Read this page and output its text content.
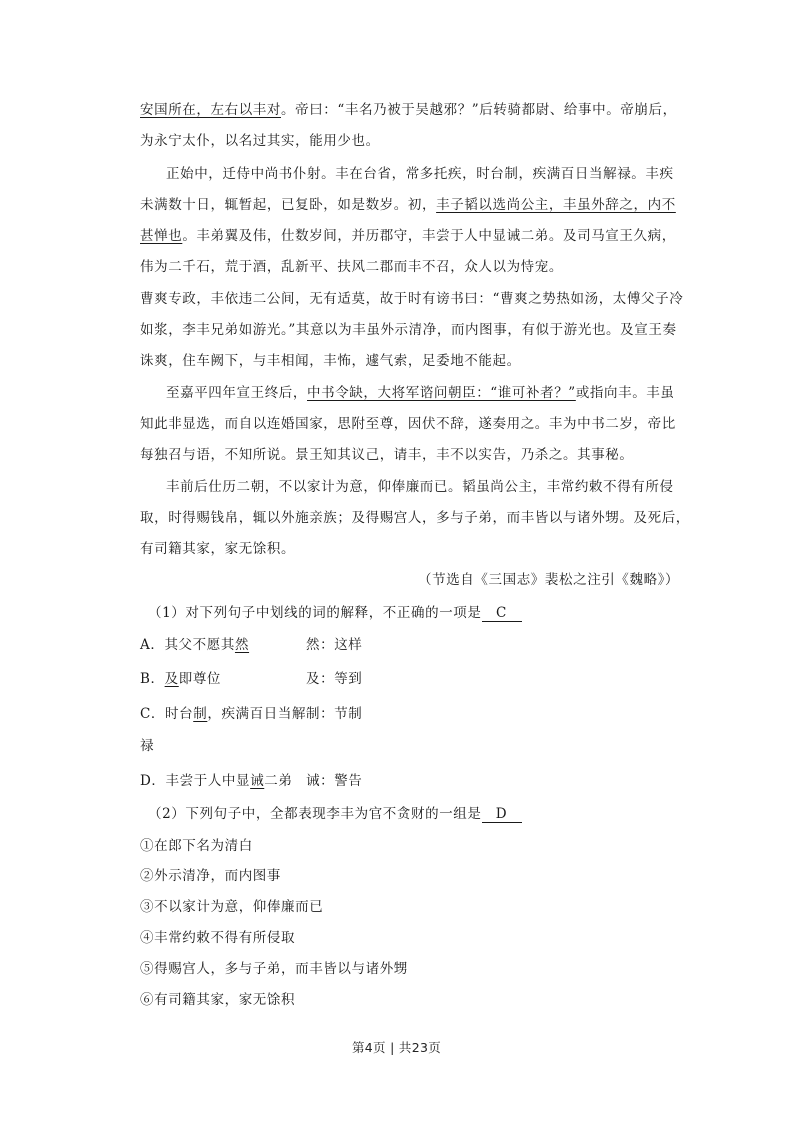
安国所在，左右以丰对。帝曰：“丰名乃被于吴越邪？”后转骑都尉、给事中。帝崩后，
为永宁太仆，以名过其实，能用少也。
正始中，迁侍中尚书仆射。丰在台省，常多托疾，时台制，疾满百日当解禄。丰疾
未满数十日，辄暂起，已复卧，如是数岁。初，丰子韬以选尚公主，丰虽外辞之，内不
甚惮也。丰弟翼及伟，仕数岁间，并历郡守，丰尝于人中显诫二弟。及司马宣王久病，
伟为二千石，荒于酒，乱新平、扶风二郡而丰不召，众人以为恃宠。
曹爽专政，丰依违二公间，无有适莫，故于时有谤书曰：“曹爽之势热如汤，太傅父子冷
如浆，李丰兄弟如游光。”其意以为丰虽外示清净，而内图事，有似于游光也。及宣王奏
诛爽，住车阙下，与丰相闻，丰怖，遽气索，足委地不能起。
至嘉平四年宣王终后，中书令缺，大将军谘问朝臣：“谁可补者？”或指向丰。丰虽
知此非显选，而自以连婚国家，思附至尊，因伏不辞，遂奏用之。丰为中书二岁，帝比
每独召与语，不知所说。景王知其议己，请丰，丰不以实告，乃杀之。其事秘。
丰前后仕历二朝，不以家计为意，仰俸廉而已。韬虽尚公主，丰常约敕不得有所侵
取，时得赐钱帛，辄以外施亲族；及得赐宫人，多与子弟，而丰皆以与诸外甥。及死后，
有司籍其家，家无馀积。
（节选自《三国志》裴松之注引《魏略》）
（1）对下列句子中划线的词的解释，不正确的一项是 C
A．其父不愿其然	然：这样
B．及即尊位	及：等到
C．时台制，疾满百日当解 制：节制
禄
D．丰尝于人中显诫二弟 诫：警告
（2）下列句子中，全都表现李丰为官不贪财的一组是 D
①在郎下名为清白
②外示清净，而内图事
③不以家计为意，仰俸廉而已
④丰常约敕不得有所侵取
⑤得赐宫人，多与子弟，而丰皆以与诸外甥
⑥有司籍其家，家无馀积
第4页 | 共23页
